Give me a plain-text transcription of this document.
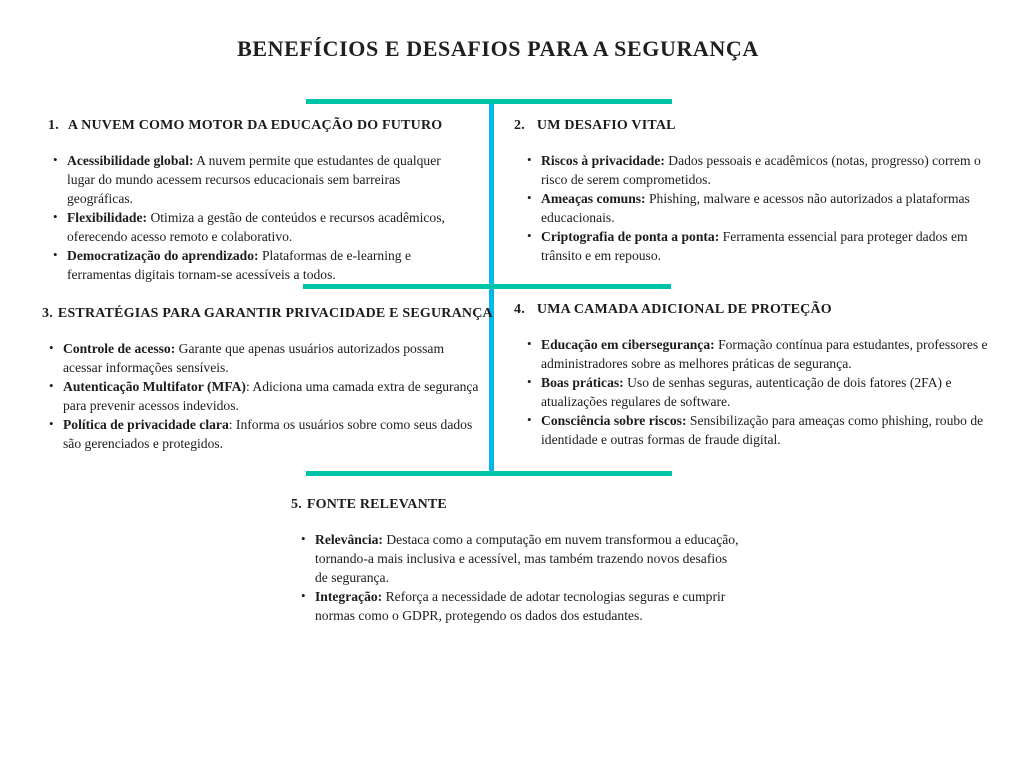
BENEFÍCIOS E DESAFIOS PARA A SEGURANÇA
1. A NUVEM COMO MOTOR DA EDUCAÇÃO DO FUTURO
• Acessibilidade global: A nuvem permite que estudantes de qualquer lugar do mundo acessem recursos educacionais sem barreiras geográficas.
• Flexibilidade: Otimiza a gestão de conteúdos e recursos acadêmicos, oferecendo acesso remoto e colaborativo.
• Democratização do aprendizado: Plataformas de e-learning e ferramentas digitais tornam-se acessíveis a todos.
2. UM DESAFIO VITAL
• Riscos à privacidade: Dados pessoais e acadêmicos (notas, progresso) correm o risco de serem comprometidos.
• Ameaças comuns: Phishing, malware e acessos não autorizados a plataformas educacionais.
• Criptografia de ponta a ponta: Ferramenta essencial para proteger dados em trânsito e em repouso.
3. ESTRATÉGIAS PARA GARANTIR PRIVACIDADE E SEGURANÇA
• Controle de acesso: Garante que apenas usuários autorizados possam acessar informações sensíveis.
• Autenticação Multifator (MFA): Adiciona uma camada extra de segurança para prevenir acessos indevidos.
• Política de privacidade clara: Informa os usuários sobre como seus dados são gerenciados e protegidos.
4. UMA CAMADA ADICIONAL DE PROTEÇÃO
• Educação em cibersegurança: Formação contínua para estudantes, professores e administradores sobre as melhores práticas de segurança.
• Boas práticas: Uso de senhas seguras, autenticação de dois fatores (2FA) e atualizações regulares de software.
• Consciência sobre riscos: Sensibilização para ameaças como phishing, roubo de identidade e outras formas de fraude digital.
5. FONTE RELEVANTE
• Relevância: Destaca como a computação em nuvem transformou a educação, tornando-a mais inclusiva e acessível, mas também trazendo novos desafios de segurança.
• Integração: Reforça a necessidade de adotar tecnologias seguras e cumprir normas como o GDPR, protegendo os dados dos estudantes.
